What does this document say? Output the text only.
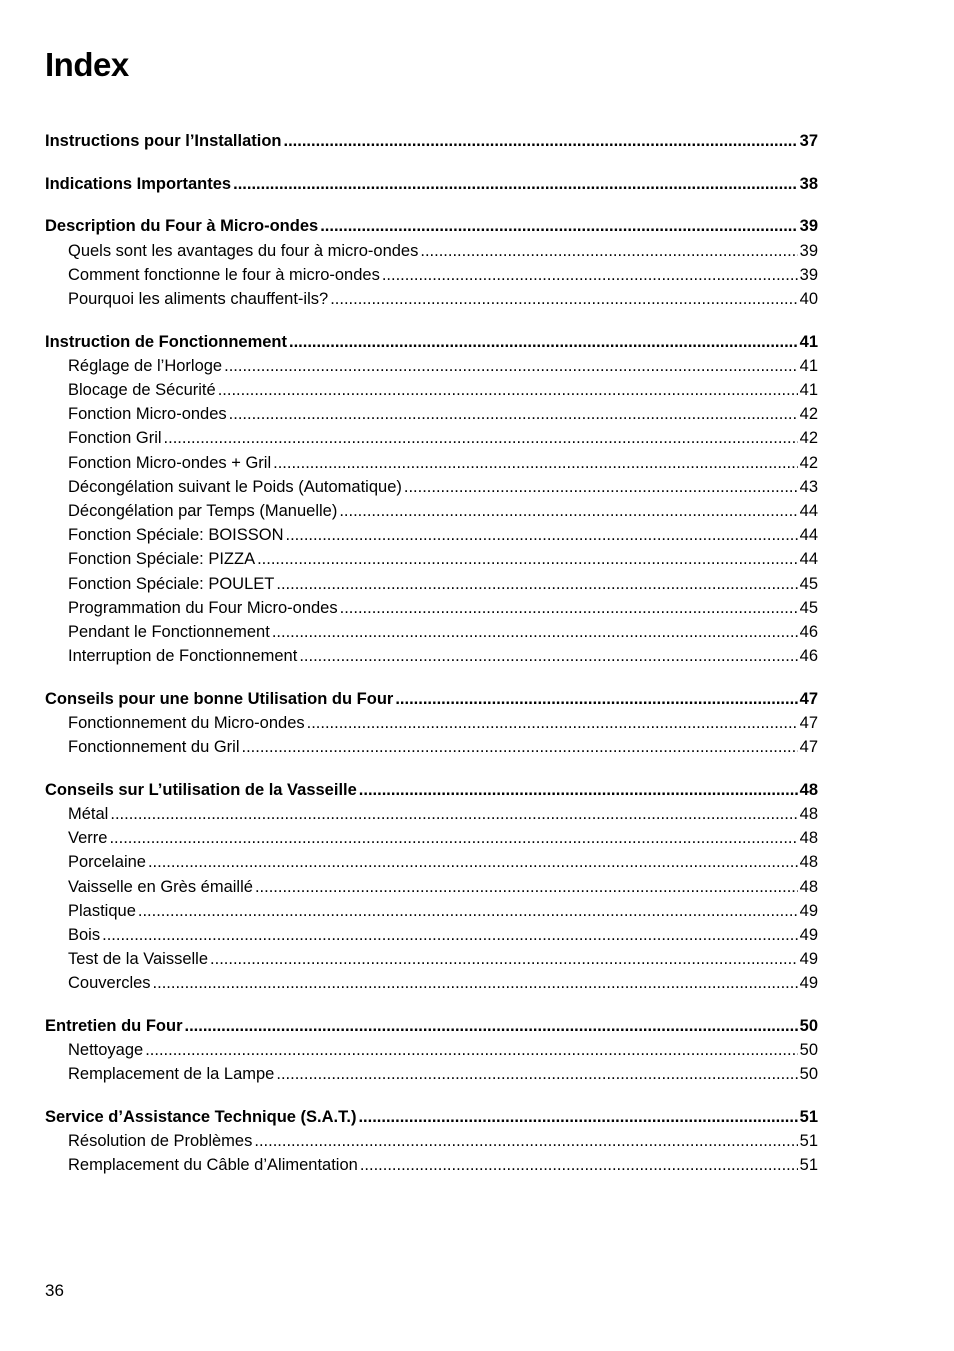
Index
Instructions pour l’Installation .....	37
Indications Importantes .....	38
Description du Four à Micro-ondes .....	39
Quels sont les avantages du four à micro-ondes .....	39
Comment fonctionne le four à micro-ondes .....	39
Pourquoi les aliments chauffent-ils? .....	40
Instruction de Fonctionnement .....	41
Réglage de l’Horloge .....	41
Blocage de Sécurité .....	41
Fonction Micro-ondes .....	42
Fonction Gril .....	42
Fonction Micro-ondes + Gril .....	42
Décongélation suivant le Poids (Automatique) .....	43
Décongélation par Temps (Manuelle) .....	44
Fonction Spéciale: BOISSON .....	44
Fonction Spéciale: PIZZA .....	44
Fonction Spéciale: POULET .....	45
Programmation du Four Micro-ondes .....	45
Pendant le Fonctionnement .....	46
Interruption de Fonctionnement .....	46
Conseils pour une bonne Utilisation du Four .....	47
Fonctionnement du Micro-ondes .....	47
Fonctionnement du Gril .....	47
Conseils sur L’utilisation de la Vasseille .....	48
Métal .....	48
Verre .....	48
Porcelaine .....	48
Vaisselle en Grès émaillé .....	48
Plastique .....	49
Bois .....	49
Test de la Vaisselle .....	49
Couvercles .....	49
Entretien du Four .....	50
Nettoyage .....	50
Remplacement de la Lampe .....	50
Service d’Assistance Technique (S.A.T.) .....	51
Résolution de Problèmes .....	51
Remplacement du Câble d’Alimentation .....	51
36
